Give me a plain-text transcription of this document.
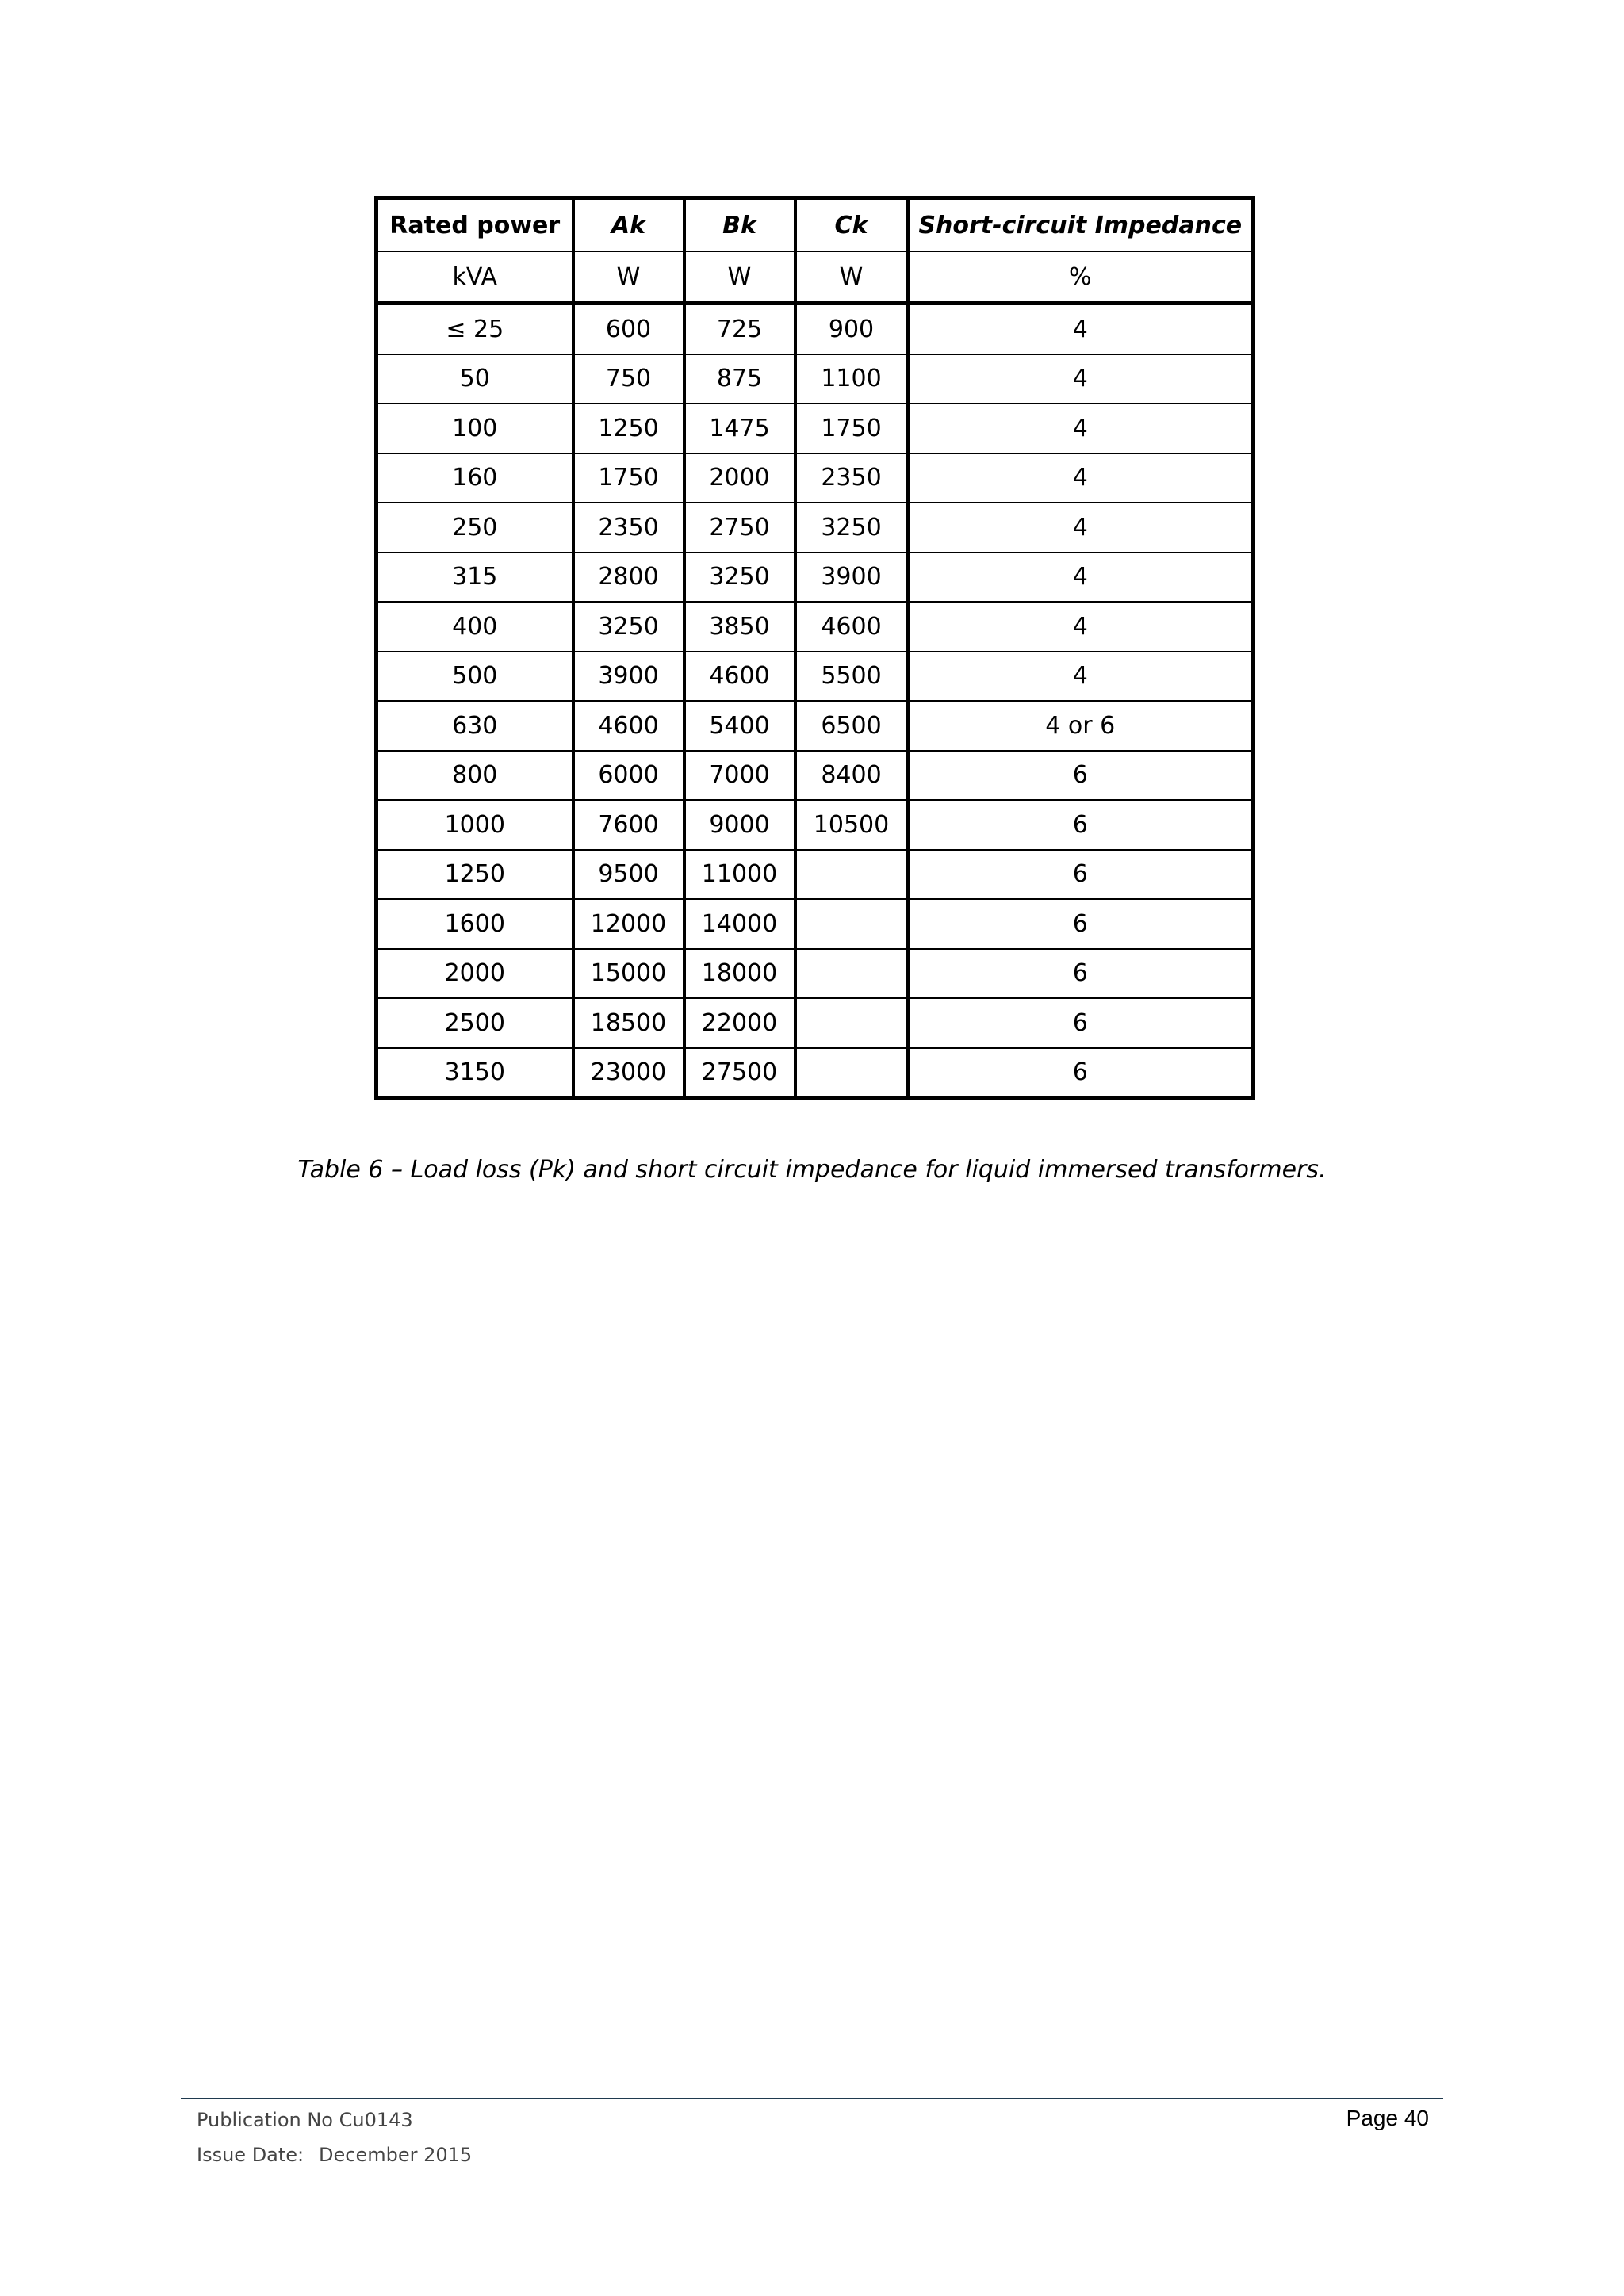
Rated power	Ak	Bk	Ck	Short-circuit Impedance
kVA	W	W	W	%
≤ 25	600	725	900	4
50	750	875	1100	4
100	1250	1475	1750	4
160	1750	2000	2350	4
250	2350	2750	3250	4
315	2800	3250	3900	4
400	3250	3850	4600	4
500	3900	4600	5500	4
630	4600	5400	6500	4 or 6
800	6000	7000	8400	6
1000	7600	9000	10500	6
1250	9500	11000		6
1600	12000	14000		6
2000	15000	18000		6
2500	18500	22000		6
3150	23000	27500		6
Table 6 – Load loss (Pk) and short circuit impedance for liquid immersed transformers.
Publication No Cu0143
Issue Date: December 2015
Page 40
